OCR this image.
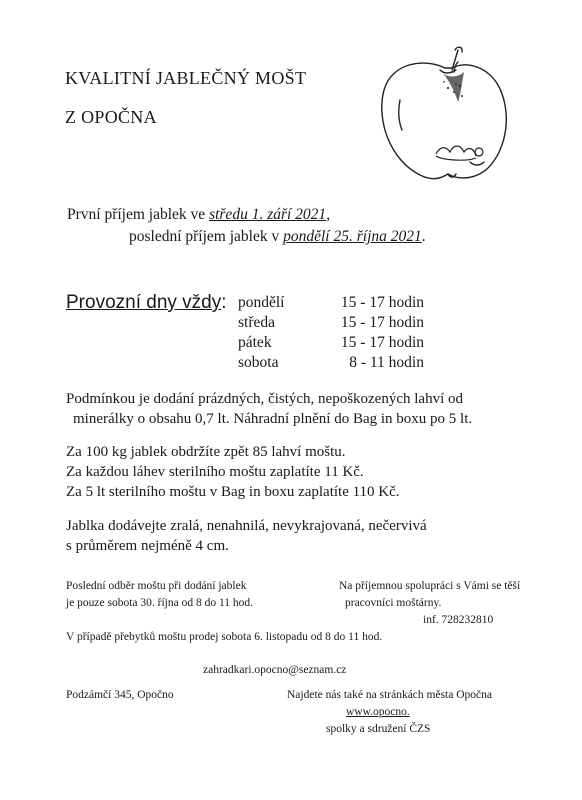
KVALITNÍ JABLEČNÝ MOŠT
Z OPOČNA
První příjem jablek ve středu 1. září 2021,
poslední příjem jablek v pondělí 25. října 2021.
Provozní dny vždy: pondělí	15 - 17 hodin
středa	15 - 17 hodin
pátek	15 - 17 hodin
sobota	8 - 11 hodin
Podmínkou je dodání prázdných, čistých, nepoškozených lahví od
minerálky o obsahu 0,7 lt. Náhradní plnění do Bag in boxu po 5 lt.
Za 100 kg jablek obdržíte zpět 85 lahví moštu.
Za každou láhev sterilního moštu zaplatíte 11 Kč.
Za 5 lt sterilního moštu v Bag in boxu zaplatíte 110 Kč.
Jablka dodávejte zralá, nenahnilá, nevykrajovaná, nečervivá
s průměrem nejméně 4 cm.
Poslední odběr moštu při dodání jablek
je pouze sobota 30. října od 8 do 11 hod.
Na příjemnou spolupráci s Vámi se těší
pracovníci moštárny.
inf. 728232810
V případě přebytků moštu prodej sobota 6. listopadu od 8 do 11 hod.
zahradkari.opocno@seznam.cz
Podzámčí 345, Opočno	Najdete nás také na stránkách města Opočna
www.opocno.
spolky a sdružení ČZS
